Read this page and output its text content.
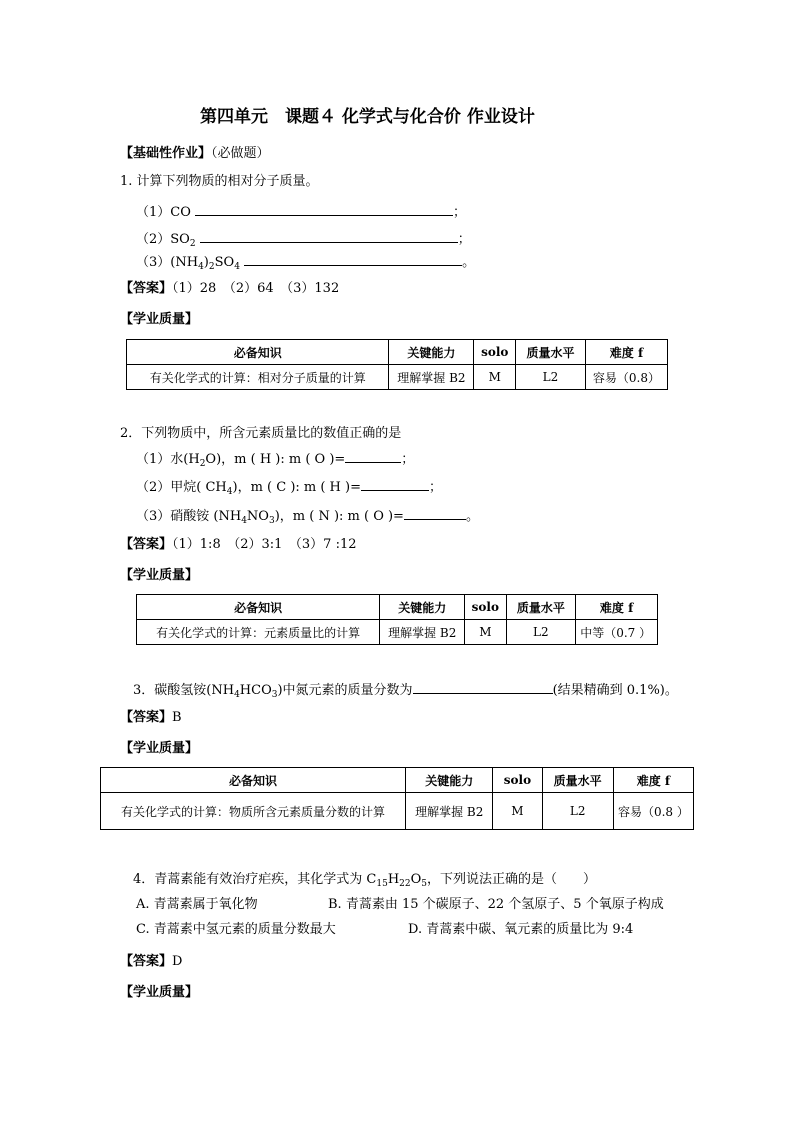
第四单元　课题４ 化学式与化合价 作业设计
【基础性作业】（必做题）
1. 计算下列物质的相对分子质量。
（1）CO	；
$(2)SO_2$	；
$(3)(NH_4)_2SO_4$	。
【答案】（1）28　（2）64　（3）132
【学业质量】
必备知识	关键能力	solo	质量水平	难度 f
有关化学式的计算：相对分子质量的计算	理解掌握 B2	M	L2	容易（0.8）
2．下列物质中，所含元素质量比的数值正确的是
（1）水$(H_2O)$，m ( H ): m ( O )=	；
（2）甲烷( $CH_4$)，m ( C ): m ( H )=	；
（3）硝酸铵 $(NH_4NO_3)$，m ( N ): m ( O )=	。
【答案】（1）1:8　（2）3:1　（3）7 :12
【学业质量】
必备知识	关键能力	solo	质量水平	难度 f
有关化学式的计算：元素质量比的计算	理解掌握 B2	M	L2	中等（0.7 ）
3．碳酸氢铵$(NH_4HCO_3)$中氮元素的质量分数为	(结果精确到 0.1%)。
【答案】B
【学业质量】
必备知识	关键能力	solo	质量水平	难度 f
有关化学式的计算：物质所含元素质量分数的计算	理解掌握 B2	M	L2	容易（0.8 ）
4．青蒿素能有效治疗疟疾，其化学式为 $C_{15}H_{22}O_5$，下列说法正确的是（　　）
A. 青蒿素属于氧化物	B. 青蒿素由 15 个碳原子、22 个氢原子、5 个氧原子构成
C. 青蒿素中氢元素的质量分数最大	D. 青蒿素中碳、氧元素的质量比为 9:4
【答案】D
【学业质量】
